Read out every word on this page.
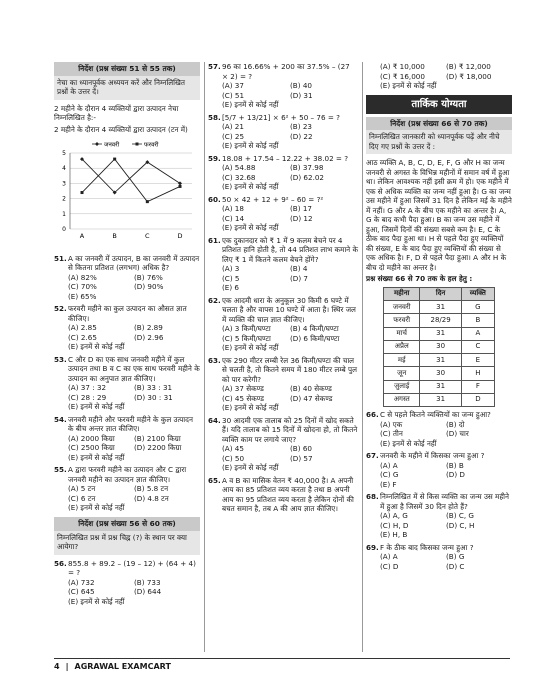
निर्देश (प्रश्न संख्या 51 से 55 तक)
नेचा का ध्यानपूर्वक अध्ययन करें और निम्नलिखित प्रश्नों के उत्तर दें।
2 महीने के दौरान 4 व्यक्तियों द्वारा उत्पादन नेचा निम्नलिखित है:-
2 महीने के दौरान 4 व्यक्तियों द्वारा उत्पादन (टन में)
जनवरी	फरवरी
0
1
2
3
4
5
A	B	C	D
51. A का जनवरी में उत्पादन, B का जनवरी में उत्पादन से कितना प्रतिशत (लगभग) अधिक है?
(A) 82%	(B) 76%
(C) 70%	(D) 90%
(E) 65%
52. फरवरी महीने का कुल उत्पादन का औसत ज्ञात कीजिए।
(A) 2.85	(B) 2.89
(C) 2.65	(D) 2.96
(E) इनमें से कोई नहीं
53. C और D का एक साथ जनवरी महीने में कुल उत्पादन तथा B व C का एक साथ फरवरी महीने के उत्पादन का अनुपात ज्ञात कीजिए।
(A) 37 : 32	(B) 33 : 31
(C) 28 : 29	(D) 30 : 31
(E) इनमें से कोई नहीं
54. जनवरी महीने और फरवरी महीने के कुल उत्पादन के बीच अन्तर ज्ञात कीजिए।
(A) 2000 किग्रा	(B) 2100 किग्रा
(C) 2500 किग्रा	(D) 2200 किग्रा
(E) इनमें से कोई नहीं
55. A द्वारा फरवरी महीने का उत्पादन और C द्वारा जनवरी महीने का उत्पादन ज्ञात कीजिए।
(A) 5 टन	(B) 5.8 टन
(C) 6 टन	(D) 4.8 टन
(E) इनमें से कोई नहीं
निर्देश (प्रश्न संख्या 56 से 60 तक)
निम्नलिखित प्रश्न में प्रश्न चिह्न (?) के स्थान पर क्या आयेगा?
56. 855.8 + 89.2 – (19 – 12) + (64 + 4) = ?
(A) 732	(B) 733
(C) 645	(D) 644
(E) इनमें से कोई नहीं
57. 96 का 16.66% + 200 का 37.5% – (27 × 2) = ?
(A) 37	(B) 40
(C) 51	(D) 31
(E) इनमें से कोई नहीं
58. [5/7 + 13/21] × 6² + 50 – 76 = ?
(A) 21	(B) 23
(C) 25	(D) 22
(E) इनमें से कोई नहीं
59. 18.08 + 17.54 – 12.22 + 38.02 = ?
(A) 54.88	(B) 37.98
(C) 32.68	(D) 62.02
(E) इनमें से कोई नहीं
60. 50 × 42 + 12 + 9² – 60 = ?²
(A) 18	(B) 17
(C) 14	(D) 12
(E) इनमें से कोई नहीं
61. एक दुकानदार को ₹ 1 में 9 कलम बेचने पर 4 प्रतिशत हानि होती है, तो 44 प्रतिशत लाभ कमाने के लिए ₹ 1 में कितने कलम बेचने होंगे?
(A) 3	(B) 4
(C) 5	(D) 7
(E) 6
62. एक आदमी धारा के अनुकूल 30 किमी 6 घण्टे में चलता है और वापस 10 घण्टे में आता है। स्थिर जल में व्यक्ति की चाल ज्ञात कीजिए।
(A) 3 किमी/घण्टा	(B) 4 किमी/घण्टा
(C) 5 किमी/घण्टा	(D) 6 किमी/घण्टा
(E) इनमें से कोई नहीं
63. एक 290 मीटर लम्बी रेल 36 किमी/घण्टा की चाल से चलती है, तो कितने समय में 180 मीटर लम्बे पुल को पार करेगी?
(A) 37 सेकण्ड	(B) 40 सेकण्ड
(C) 45 सेकण्ड	(D) 47 सेकण्ड
(E) इनमें से कोई नहीं
64. 30 आदमी एक तालाब को 25 दिनों में खोद सकते हैं। यदि तालाब को 15 दिनों में खोदना हो, तो कितने व्यक्ति काम पर लगाये जाए?
(A) 45	(B) 60
(C) 50	(D) 57
(E) इनमें से कोई नहीं
65. A व B का मासिक वेतन ₹ 40,000 है। A अपनी आय का 85 प्रतिशत व्यय करता है तथा B अपनी आय का 95 प्रतिशत व्यय करता है लेकिन दोनों की बचत समान है, तब A की आय ज्ञात कीजिए।
(A) ₹ 10,000	(B) ₹ 12,000
(C) ₹ 16,000	(D) ₹ 18,000
(E) इनमें से कोई नहीं
तार्किक योग्यता
निर्देश (प्रश्न संख्या 66 से 70 तक)
निम्नलिखित जानकारी को ध्यानपूर्वक पढ़ें और नीचे दिए गए प्रश्नों के उत्तर दें :
आठ व्यक्ति A, B, C, D, E, F, G और H का जन्म जनवरी से अगस्त के विभिन्न महीनों में समान वर्ष में हुआ था। लेकिन आवश्यक नहीं इसी क्रम में हो। एक महीने में एक से अधिक व्यक्ति का जन्म नहीं हुआ है। G का जन्म उस महीने में हुआ जिसमें 31 दिन है लेकिन मई के महीने में नहीं। G और A के बीच एक महीने का अन्तर है। A, G के बाद कभी पैदा हुआ। B का जन्म उस महीने में हुआ, जिसमें दिनों की संख्या सबसे कम है। E, C के ठीक बाद पैदा हुआ था। H से पहले पैदा हुए व्यक्तियों की संख्या, E के बाद पैदा हुए व्यक्तियों की संख्या से एक अधिक है। F, D से पहले पैदा हुआ। A और H के बीच दो महीने का अन्तर है।
प्रश्न संख्या 66 से 70 तक के हल हेतु :
महीना	दिन	व्यक्ति
जनवरी	31	G
फरवरी	28/29	B
मार्च	31	A
अप्रैल	30	C
मई	31	E
जून	30	H
जुलाई	31	F
अगस्त	31	D
66. C से पहले कितने व्यक्तियों का जन्म हुआ?
(A) एक	(B) दो
(C) तीन	(D) चार
(E) इनमें से कोई नहीं
67. जनवरी के महीने में किसका जन्म हुआ ?
(A) A	(B) B
(C) G	(D) D
(E) F
68. निम्नलिखित में से किस व्यक्ति का जन्म उस महीने में हुआ है जिसमें 30 दिन होते हैं?
(A) A, G	(B) C, G
(C) H, D	(D) C, H
(E) H, B
69. F के ठीक बाद किसका जन्म हुआ ?
(A) A	(B) G
(C) D	(D) C
4 | AGRAWAL EXAMCART
